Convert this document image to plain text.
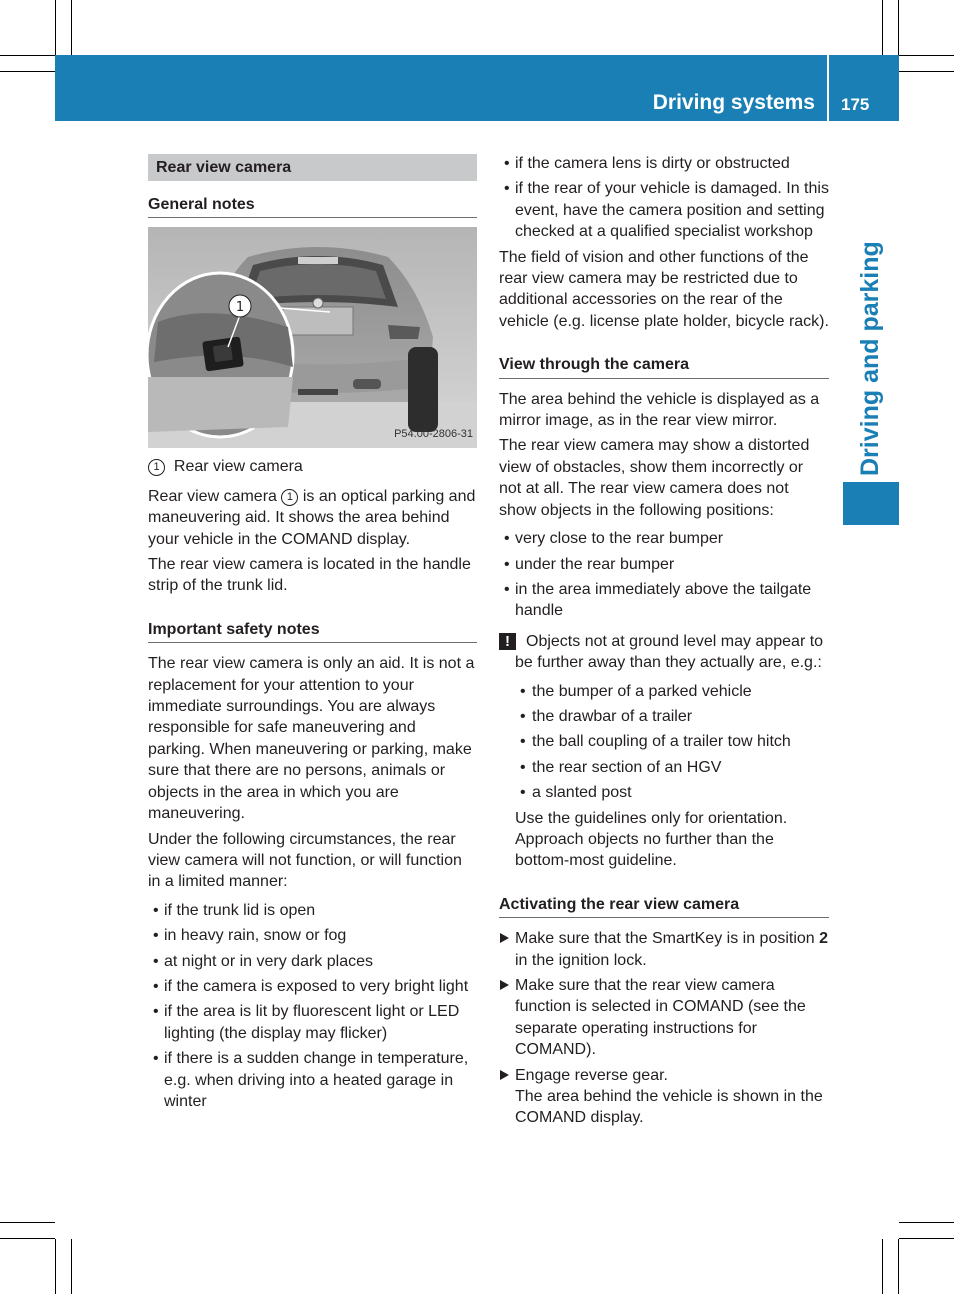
Driving systems 175
Driving and parking
Rear view camera
General notes
1
P54.00-2806-31

1 Rear view camera

Rear view camera 1 is an optical parking and maneuvering aid. It shows the area behind your vehicle in the COMAND display.

The rear view camera is located in the handle strip of the trunk lid.

Important safety notes

The rear view camera is only an aid. It is not a replacement for your attention to your immediate surroundings. You are always responsible for safe maneuvering and parking. When maneuvering or parking, make sure that there are no persons, animals or objects in the area in which you are maneuvering.

Under the following circumstances, the rear view camera will not function, or will function in a limited manner:

• if the trunk lid is open

• in heavy rain, snow or fog

• at night or in very dark places

• if the camera is exposed to very bright light

• if the area is lit by fluorescent light or LED lighting (the display may flicker)

• if there is a sudden change in temperature, e.g. when driving into a heated garage in winter

• if the camera lens is dirty or obstructed

• if the rear of your vehicle is damaged. In this event, have the camera position and setting checked at a qualified specialist workshop

The field of vision and other functions of the rear view camera may be restricted due to additional accessories on the rear of the vehicle (e.g. license plate holder, bicycle rack).

View through the camera

The area behind the vehicle is displayed as a mirror image, as in the rear view mirror.

The rear view camera may show a distorted view of obstacles, show them incorrectly or not at all. The rear view camera does not show objects in the following positions:

• very close to the rear bumper

• under the rear bumper

• in the area immediately above the tailgate handle

!	Objects not at ground level may appear to be further away than they actually are, e.g.:

• the bumper of a parked vehicle

• the drawbar of a trailer

• the ball coupling of a trailer tow hitch

• the rear section of an HGV

• a slanted post

Use the guidelines only for orientation. Approach objects no further than the bottom-most guideline.

Activating the rear view camera

Make sure that the SmartKey is in position 2 in the ignition lock.

Make sure that the rear view camera function is selected in COMAND (see the separate operating instructions for COMAND).

Engage reverse gear.

The area behind the vehicle is shown in the COMAND display.
